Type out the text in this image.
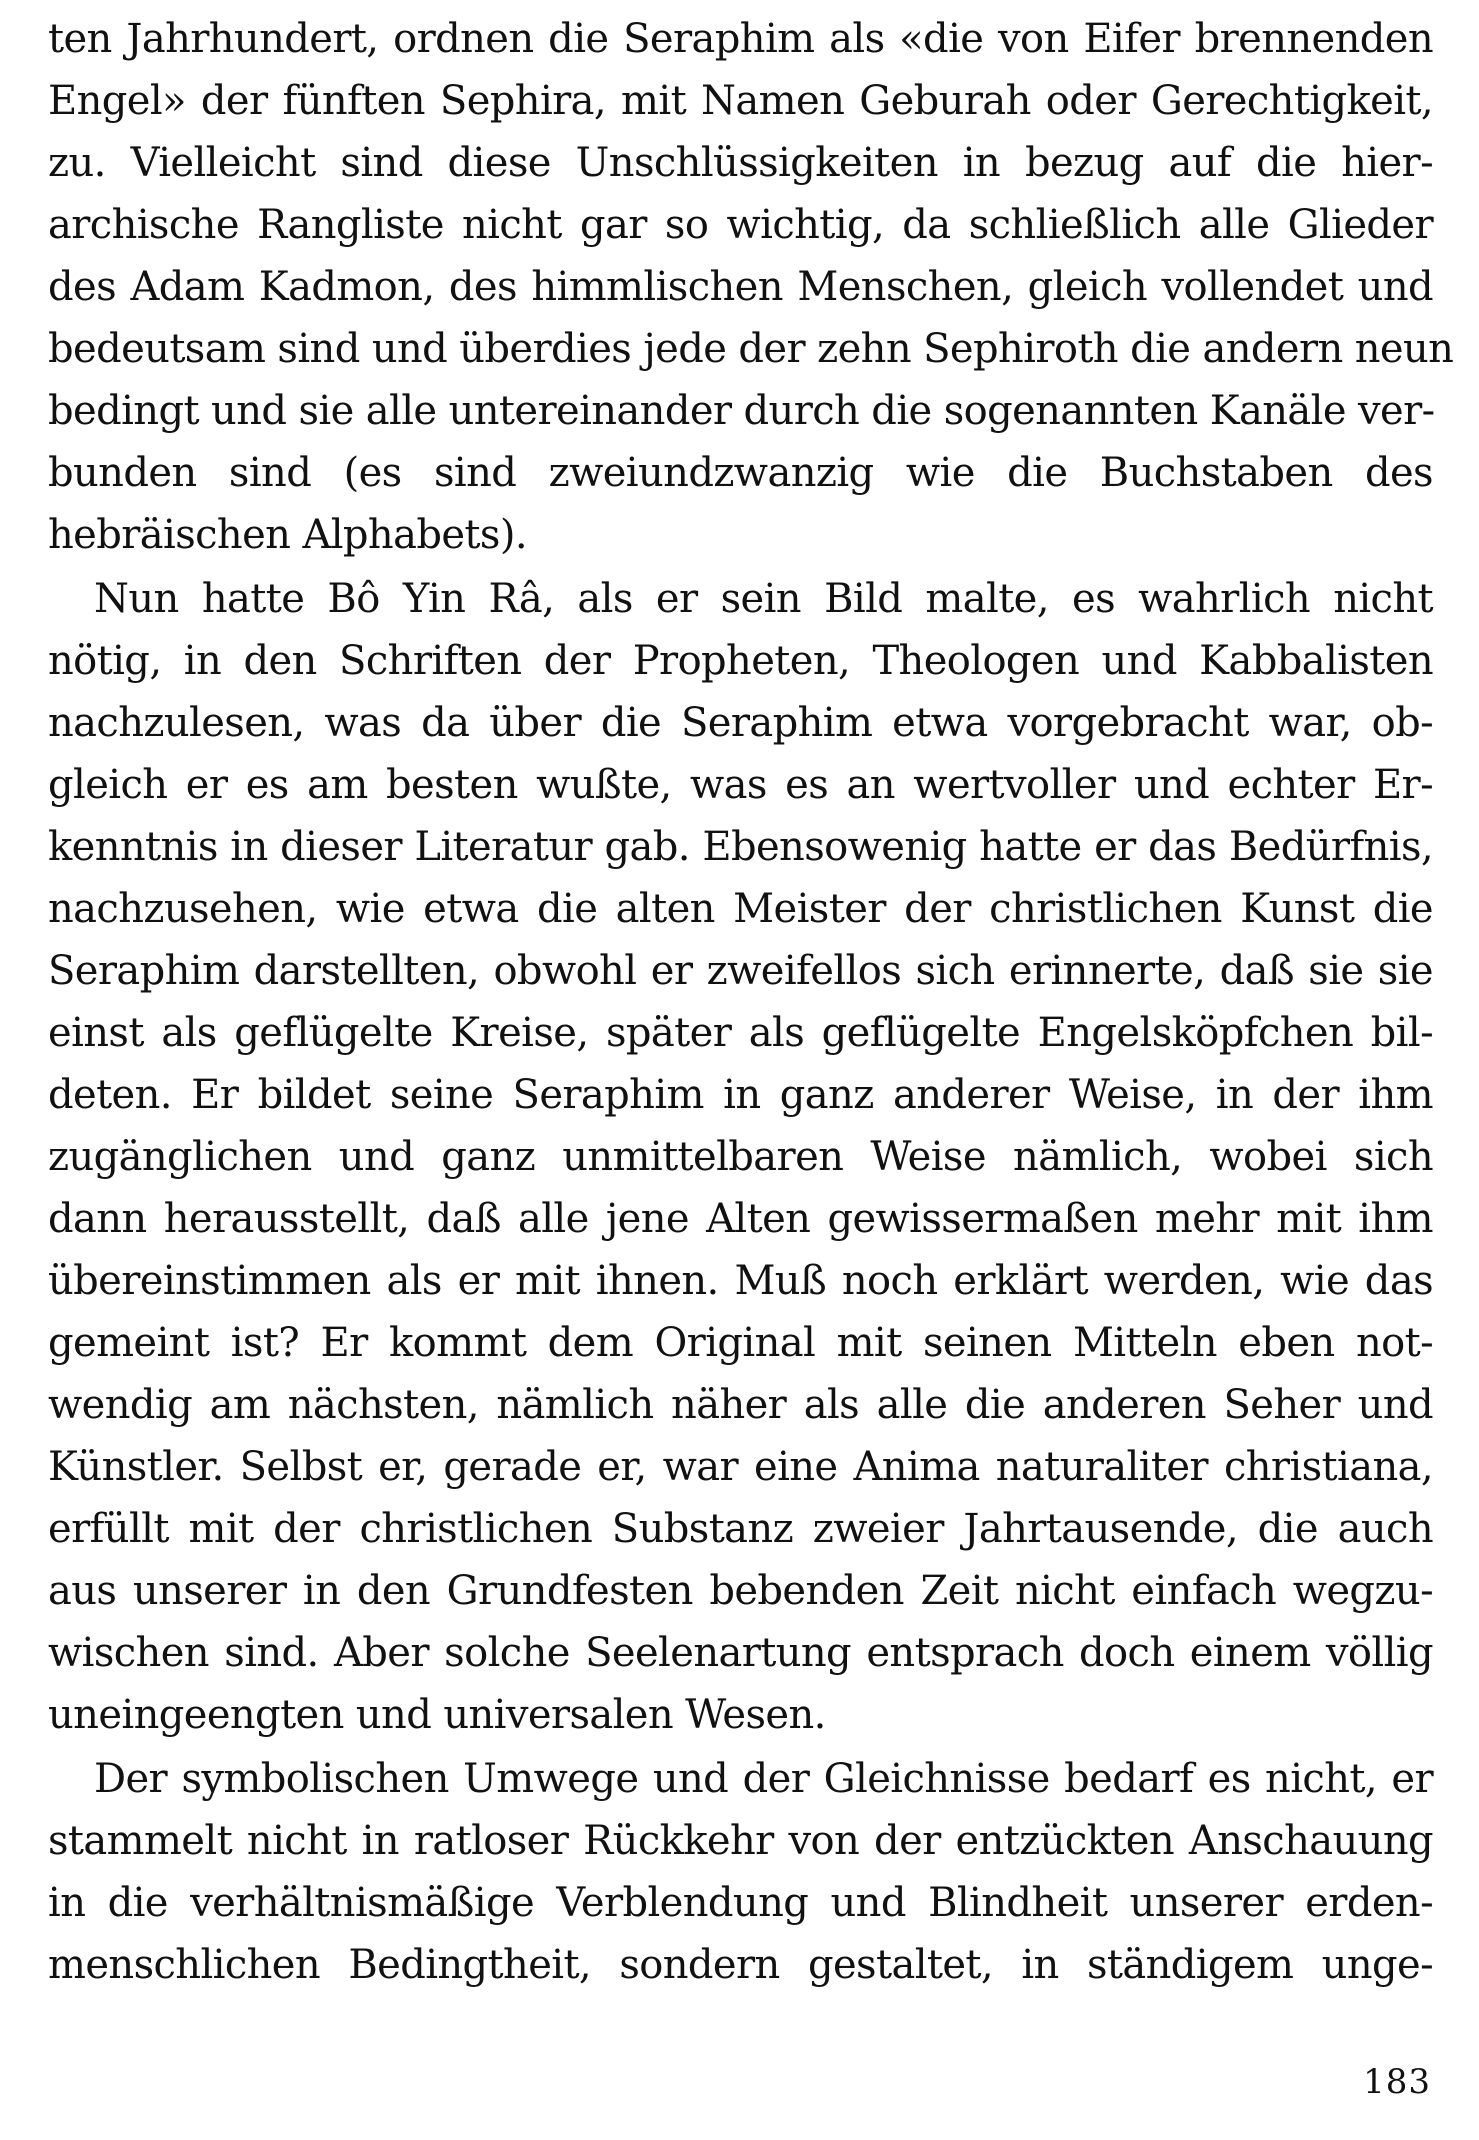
ten Jahrhundert, ordnen die Seraphim als «die von Eifer brennenden
Engel» der fünften Sephira, mit Namen Geburah oder Gerechtigkeit,
zu. Vielleicht sind diese Unschlüssigkeiten in bezug auf die hier-
archische Rangliste nicht gar so wichtig, da schließlich alle Glieder
des Adam Kadmon, des himmlischen Menschen, gleich vollendet und
bedeutsam sind und überdies jede der zehn Sephiroth die andern neun
bedingt und sie alle untereinander durch die sogenannten Kanäle ver-
bunden sind (es sind zweiundzwanzig wie die Buchstaben des
hebräischen Alphabets).
Nun hatte Bô Yin Râ, als er sein Bild malte, es wahrlich nicht
nötig, in den Schriften der Propheten, Theologen und Kabbalisten
nachzulesen, was da über die Seraphim etwa vorgebracht war, ob-
gleich er es am besten wußte, was es an wertvoller und echter Er-
kenntnis in dieser Literatur gab. Ebensowenig hatte er das Bedürfnis,
nachzusehen, wie etwa die alten Meister der christlichen Kunst die
Seraphim darstellten, obwohl er zweifellos sich erinnerte, daß sie sie
einst als geflügelte Kreise, später als geflügelte Engelsköpfchen bil-
deten. Er bildet seine Seraphim in ganz anderer Weise, in der ihm
zugänglichen und ganz unmittelbaren Weise nämlich, wobei sich
dann herausstellt, daß alle jene Alten gewissermaßen mehr mit ihm
übereinstimmen als er mit ihnen. Muß noch erklärt werden, wie das
gemeint ist? Er kommt dem Original mit seinen Mitteln eben not-
wendig am nächsten, nämlich näher als alle die anderen Seher und
Künstler. Selbst er, gerade er, war eine Anima naturaliter christiana,
erfüllt mit der christlichen Substanz zweier Jahrtausende, die auch
aus unserer in den Grundfesten bebenden Zeit nicht einfach wegzu-
wischen sind. Aber solche Seelenartung entsprach doch einem völlig
uneingeengten und universalen Wesen.
Der symbolischen Umwege und der Gleichnisse bedarf es nicht, er
stammelt nicht in ratloser Rückkehr von der entzückten Anschauung
in die verhältnismäßige Verblendung und Blindheit unserer erden-
menschlichen Bedingtheit, sondern gestaltet, in ständigem unge-
183
